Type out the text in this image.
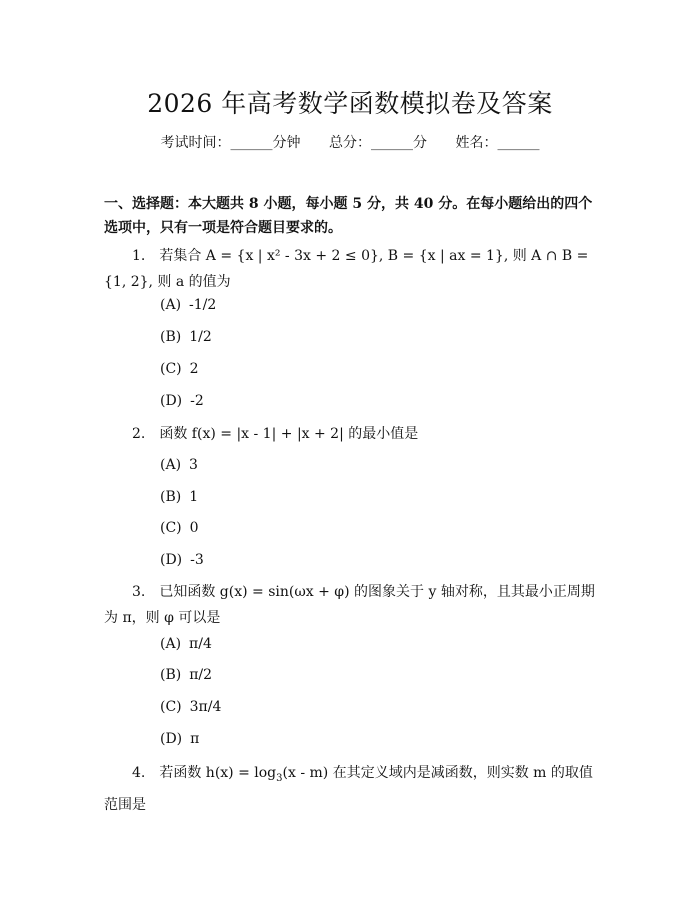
2026 年高考数学函数模拟卷及答案
考试时间：______分钟 总分：______分 姓名：______
一、选择题：本大题共 8 小题，每小题 5 分，共 40 分。在每小题给出的四个选项中，只有一项是符合题目要求的。
1. 若集合 A = {x | x² - 3x + 2 ≤ 0}, B = {x | ax = 1}, 则 A ∩ B = {1, 2}, 则 a 的值为
(A) -1/2
(B) 1/2
(C) 2
(D) -2
2. 函数 f(x) = |x - 1| + |x + 2| 的最小值是
(A) 3
(B) 1
(C) 0
(D) -3
3. 已知函数 g(x) = sin(ωx + φ) 的图象关于 y 轴对称，且其最小正周期为 π，则 φ 可以是
(A) π/4
(B) π/2
(C) 3π/4
(D) π
4. 若函数 $h(x) = \log_3(x - m)$ 在其定义域内是减函数，则实数 m 的取值范围是
